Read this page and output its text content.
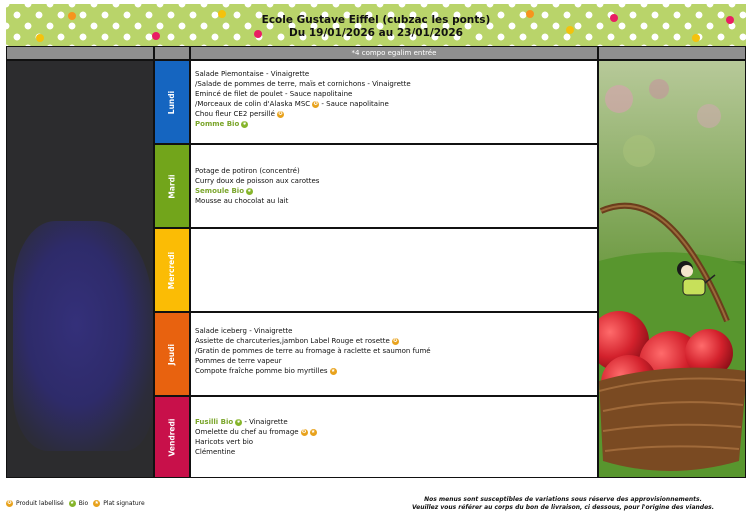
Ecole Gustave Eiffel (cubzac les ponts)
Du 19/01/2026 au 23/01/2026
*4 compo egalim entrée
Lundi
Salade Piemontaise - Vinaigrette
/Salade de pommes de terre, maïs et cornichons - Vinaigrette
Emincé de filet de poulet - Sauce napolitaine
/Morceaux de colin d'Alaska MSC ✪ - Sauce napolitaine
Chou fleur CE2 persillé ✪
Pomme Bio ❦
Mardi
Potage de potiron (concentré)
Curry doux de poisson aux carottes
Semoule Bio ❦
Mousse au chocolat au lait
Mercredi
Jeudi
Salade iceberg - Vinaigrette
Assiette de charcuteries,jambon Label Rouge et rosette ✪
/Gratin de pommes de terre au fromage à raclette et saumon fumé
Pommes de terre vapeur
Compote fraîche pomme bio myrtilles ★
Vendredi	Fusilli Bio ❦ - Vinaigrette
Omelette du chef au fromage ✪ ★
Haricots vert bio
Clémentine
✪ Produit labellisé ❦ Bio ★ Plat signature
Nos menus sont susceptibles de variations sous réserve des approvisionnements.
Veuillez vous référer au corps du bon de livraison, ci dessous, pour l'origine des viandes.
